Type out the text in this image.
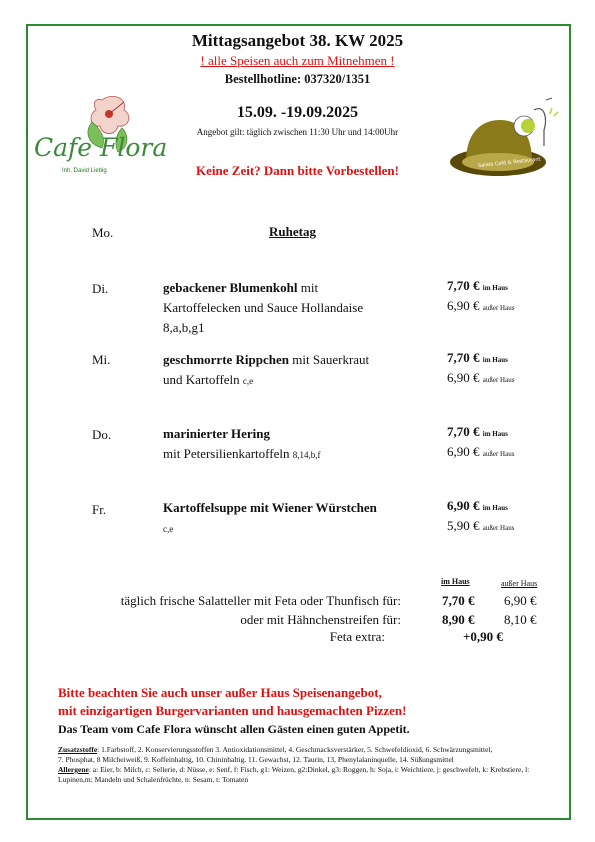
Mittagsangebot 38. KW 2025
! alle Speisen auch zum Mitnehmen !
Bestellhotline: 037320/1351
15.09. -19.09.2025
Angebot gilt: täglich zwischen 11:30 Uhr und 14:00Uhr
Keine Zeit? Dann bitte Vorbestellen!
Cafe Flora
Inh. David Liebig
Salida Café & Restaurant
Mo.	Ruhetag
Di.	gebackener Blumenkohl mit
Kartoffelecken und Sauce Hollandaise
8,a,b,g1
7,70 € im Haus
6,90 € außer Haus
Mi.	geschmorrte Rippchen mit Sauerkraut
und Kartoffeln c,e
7,70 € im Haus
6,90 € außer Haus
Do.	marinierter Hering
mit Petersilienkartoffeln 8,14,b,f
7,70 € im Haus
6,90 € außer Haus
Fr.	Kartoffelsuppe mit Wiener Würstchen
c,e
6,90 € im Haus
5,90 € außer Haus
im Haus	außer Haus
täglich frische Salatteller mit Feta oder Thunfisch für:	7,70 € 6,90 €
oder mit Hähnchenstreifen für:	8,90 € 8,10 €
Feta extra:	+0,90 €
Bitte beachten Sie auch unser außer Haus Speisenangebot,
mit einzigartigen Burgervarianten und hausgemachten Pizzen!
Das Team vom Cafe Flora wünscht allen Gästen einen guten Appetit.
Zusatzstoffe: 1.Farbstoff, 2. Konservierungsstoffen 3. Antioxidationsmittel, 4. Geschmacksverstärker, 5. Schwefeldioxid, 6. Schwärzungsmittel,
7. Phosphat, 8 Milcheiweiß, 9. Koffeinhaltig, 10. Chininhaltig, 11. Gewachst, 12. Taurin, 13, Phenylalaninquelle, 14. Süßungsmittel
Allergene: a: Eier, b: Milch, c: Sellerie, d: Nüsse, e: Senf, f: Fisch, g1: Weizen, g2:Dinkel, g3: Roggen, h: Soja, i: Weichtiere, j: geschwefelt, k: Krebstiere, l: Lupinen,m: Mandeln und Schalenfrüchte, n: Sesam, t: Tomaten
